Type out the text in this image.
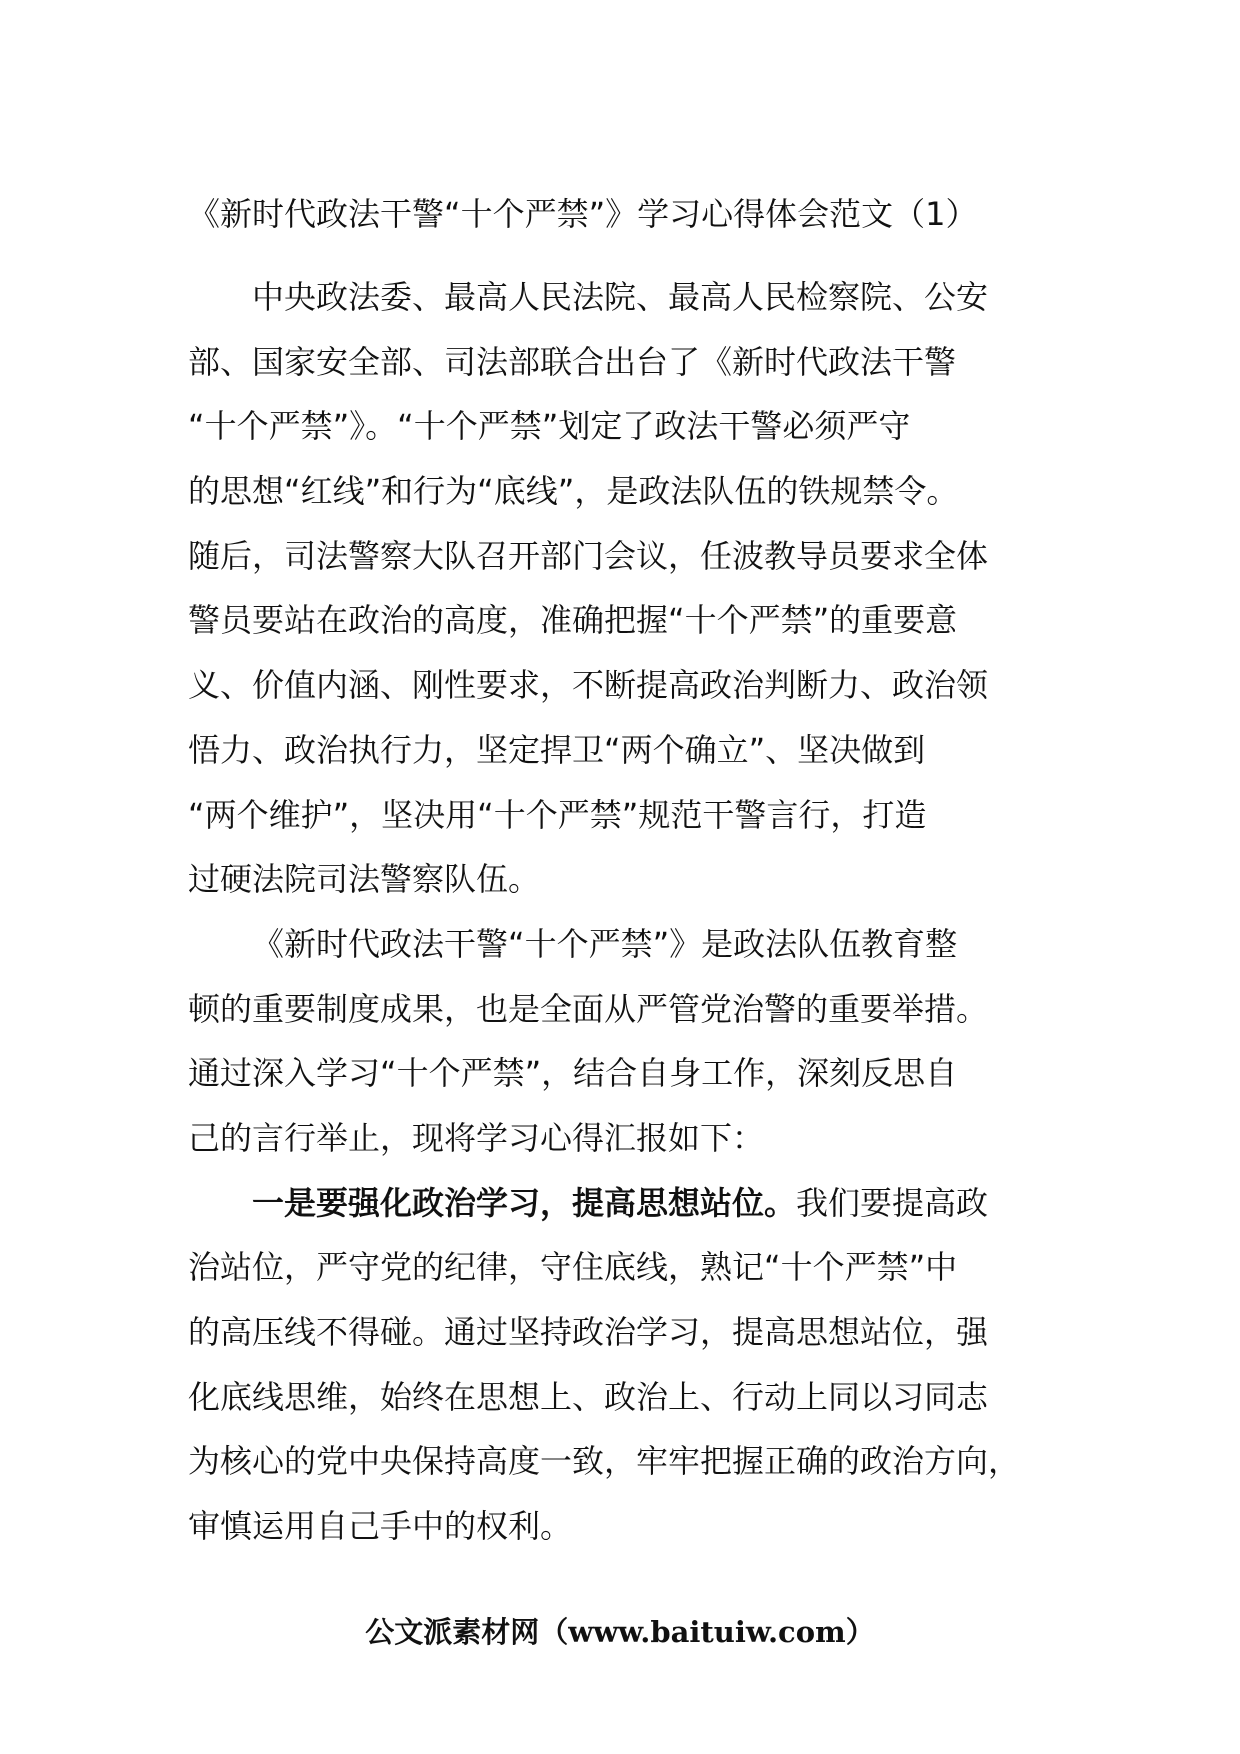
《新时代政法干警“十个严禁”》学习心得体会范文（1）

中央政法委、最高人民法院、最高人民检察院、公安
部、国家安全部、司法部联合出台了《新时代政法干警
“十个严禁”》。“十个严禁”划定了政法干警必须严守
的思想“红线”和行为“底线”，是政法队伍的铁规禁令。
随后，司法警察大队召开部门会议，任波教导员要求全体
警员要站在政治的高度，准确把握“十个严禁”的重要意
义、价值内涵、刚性要求，不断提高政治判断力、政治领
悟力、政治执行力，坚定捍卫“两个确立”、坚决做到
“两个维护”，坚决用“十个严禁”规范干警言行，打造
过硬法院司法警察队伍。

《新时代政法干警“十个严禁”》是政法队伍教育整
顿的重要制度成果，也是全面从严管党治警的重要举措。
通过深入学习“十个严禁”，结合自身工作，深刻反思自
己的言行举止，现将学习心得汇报如下：

一是要强化政治学习，提高思想站位。我们要提高政
治站位，严守党的纪律，守住底线，熟记“十个严禁”中
的高压线不得碰。通过坚持政治学习，提高思想站位，强
化底线思维，始终在思想上、政治上、行动上同以习同志
为核心的党中央保持高度一致，牢牢把握正确的政治方向，
审慎运用自己手中的权利。

公文派素材网（www.baituiw.com）
